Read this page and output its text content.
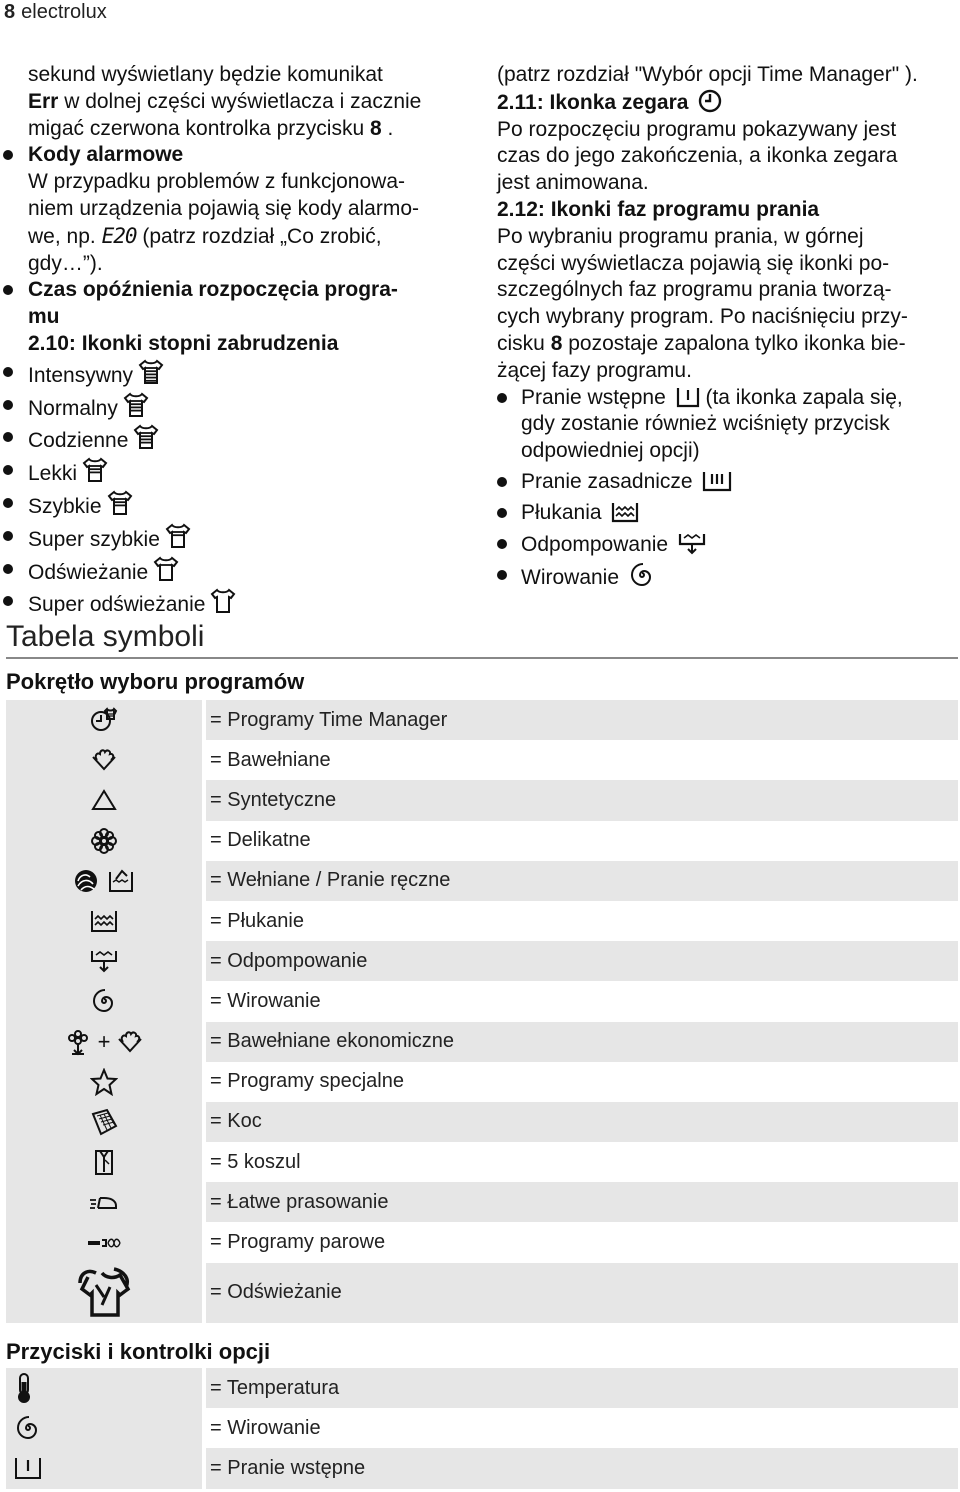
8 electrolux

sekund wyświetlany będzie komunikat

Err w dolnej części wyświetlacza i zacznie

migać czerwona kontrolka przycisku 8 .

Kody alarmowe
W przypadku problemów z funkcjonowa-
niem urządzenia pojawią się kody alarmo-
we, np. E20 (patrz rozdział „Co zrobić,
gdy…”).
Czas opóźnienia rozpoczęcia progra-
mu

2.10: Ikonki stopni zabrudzenia

Intensywny
Normalny
Codzienne
Lekki
Szybkie
Super szybkie
Odświeżanie
Super odświeżanie

(patrz rozdział "Wybór opcji Time Manager" ).

2.11: Ikonka zegara

Po rozpoczęciu programu pokazywany jest

czas do jego zakończenia, a ikonka zegara

jest animowana.

2.12: Ikonki faz programu prania

Po wybraniu programu prania, w górnej

części wyświetlacza pojawią się ikonki po-

szczególnych faz programu prania tworzą-

cych wybrany program. Po naciśnięciu przy-

cisku 8 pozostaje zapalona tylko ikonka bie-

żącej fazy programu.

Pranie wstępne (ta ikonka zapala się,
gdy zostanie również wciśnięty przycisk
odpowiedniej opcji)
Pranie zasadnicze
Płukania
Odpompowanie
Wirowanie
Tabela symboli
Pokrętło wyboru programów
= Programy Time Manager
= Bawełniane
= Syntetyczne
= Delikatne
= Wełniane / Pranie ręczne
= Płukanie
= Odpompowanie
= Wirowanie
+	= Bawełniane ekonomiczne
= Programy specjalne
= Koc
= 5 koszul
= Łatwe prasowanie
= Programy parowe
= Odświeżanie
Przyciski i kontrolki opcji
= Temperatura
= Wirowanie
= Pranie wstępne
